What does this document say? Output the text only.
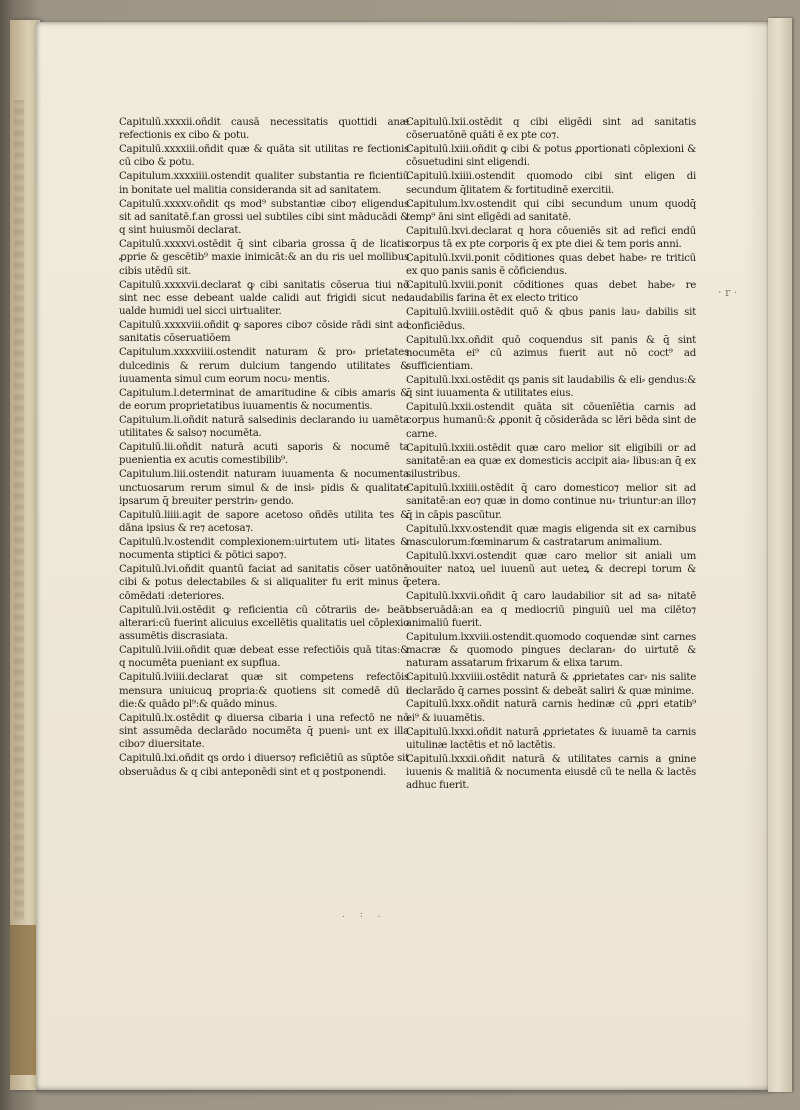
Capitulū.xxxxii.oñdit causā necessitatis quottidi anæ refectionis ex cibo & potu.
Capitulū.xxxxiii.oñdit quæ & quāta sit utilitas re fectionis cū cibo & potu.
Capitulum.xxxxiiii.ostendit qualiter substantia re ficientiū in bonitate uel malitia consideranda sit ad sanitatem.
Capitulū.xxxxv.oñdit qs mod⁹ substantiæ cibo⁊ eligendus sit ad sanitatē.f.an grossi uel subtiles cibi sint māducādi & q sint huiusmōi declarat.
Capitulū.xxxxvi.ostēdit q̄ sint cibaria grossa q̄ de licatis ꝓprie & gescētib⁹ maxie inimicāt:& an du ris uel mollibus cibis utēdū sit.
Capitulū.xxxxvii.declarat ꝙ cibi sanitatis cōserua tiui nō sint nec esse debeant ualde calidi aut frigidi sicut nec ualde humidi uel sicci uirtualiter.
Capitulū.xxxxviii.oñdit ꝙ sapores cibo⁊ cōside rādi sint ad sanitatis cōseruatiōem
Capitulum.xxxxviiii.ostendit naturam & pro⸗ prietates dulcedinis & rerum dulcium tangendo utilitates & iuuamenta simul cum eorum nocu⸗ mentis.
Capitulum.l.determinat de amaritudine & cibis amaris & de eorum proprietatibus iuuamentis & nocumentis.
Capitulum.li.oñdit naturā salsedinis declarando iu uamēta utilitates & salso⁊ nocumēta.
Capitulū.lii.oñdit naturā acuti saporis & nocumē ta puenientia ex acutis comestibilib⁹.
Capitulum.liii.ostendit naturam iuuamenta & nocumenta unctuosarum rerum simul & de insi⸗ pidis & qualitate ipsarum q̄ breuiter perstrin⸗ gendo.
Capitulū.liiii.agit de sapore acetoso oñdēs utilita tes & dāna ipsius & re⁊ acetosa⁊.
Capitulū.lv.ostendit complexionem:uirtutem uti⸗ litates & nocumenta stiptici & pōtici sapo⁊.
Capitulū.lvi.oñdit quantū faciat ad sanitatis cōser uatōnē cibi & potus delectabiles & si aliqualiter fu erit minus q̄ cōmēdati :deteriores.
Capitulū.lvii.ostēdit ꝙ reficientia cū cōtrariis de⸗ beāt alterari:cū fuerint alicuius excellētis qualitatis uel cōplexio assumētis discrasiata.
Capitulū.lviii.oñdit quæ debeat esse refectiōis quā titas:& q nocumēta pueniant ex supflua.
Capitulū.lviiii.declarat quæ sit competens refectōis mensura uniuicuꝗ propria:& quotiens sit comedē dū i die:& quādo pl⁹:& quādo minus.
Capitulū.lx.ostēdit ꝙ diuersa cibaria i una refectō ne nō sint assumēda declarādo nocumēta q̄ pueni⸗ unt ex illa cibo⁊ diuersitate.
Capitulū.lxi.oñdit qs ordo i diuerso⁊ reficiētiū as sūptōe sit obseruādus & q cibi anteponēdi sint et q postponendi.
Capitulū.lxii.ostēdit q cibi eligēdi sint ad sanitatis cōseruatōnē quāti ē ex pte co⁊.
Capitulū.lxiii.oñdit ꝙ cibi & potus ꝓportionati cōplexioni & cōsuetudini sint eligendi.
Capitulū.lxiiii.ostendit quomodo cibi sint eligen di secundum q̄litatem & fortitudinē exercitii.
Capitulum.lxv.ostendit qui cibi secundum unum quodq̄ temp⁹ āni sint elīgēdi ad sanitatē.
Capitulū.lxvi.declarat q hora cōueniēs sit ad refici endū corpus tā ex pte corporis q̄ ex pte diei & tem poris anni.
Capitulū.lxvii.ponit cōditiones quas debet habe⸗ re triticū ex quo panis sanis ē cōficiendus.
Capitulū.lxviii.ponit cōditiones quas debet habe⸗ re laudabilis farina ēt ex electo tritico
Capitulū.lxviiii.ostēdit quō & qbus panis lau⸗ dabilis sit conficiēdus.
Capitulū.lxx.oñdit quō coquendus sit panis & q̄ sint nocumēta ei⁹ cū azimus fuerit aut nō coct⁹ ad sufficientiam.
Capitulū.lxxi.ostēdit qs panis sit laudabilis & eli⸗ gendus:& q̄ sint iuuamenta & utilitates eius.
Capitulū.lxxii.ostendit quāta sit cōuenīētia carnis ad corpus humanū:& ꝓponit q̄ cōsiderāda sc lēri bēda sint de carne.
Capitulū.lxxiii.ostēdit quæ caro melior sit eligibili or ad sanitatē:an ea quæ ex domesticis accipit aia⸗ libus:an q̄ ex silustribus.
Capitulū.lxxiiii.ostēdit q̄ caro domestico⁊ melior sit ad sanitatē:an eo⁊ quæ in domo continue nu⸗ triuntur:an illo⁊ q̄ in cāpis pascūtur.
Capitulū.lxxv.ostendit quæ magis eligenda sit ex carnibus masculorum:fœminarum & castratarum animalium.
Capitulū.lxxvi.ostendit quæ caro melior sit aniali um nouiter natoꝝ uel iuuenū aut ueteꝝ & decrepi torum & cetera.
Capitulū.lxxvii.oñdit q̄ caro laudabilior sit ad sa⸗ nitatē obseruādā:an ea q mediocriū pinguiū uel ma cilēto⁊ animaliū fuerit.
Capitulum.lxxviii.ostendit.quomodo coquendæ sint carnes macræ & quomodo pingues declaran⸗ do uirtutē & naturam assatarum frixarum & elixa tarum.
Capitulū.lxxviiii.ostēdit naturā & ꝓprietates car⸗ nis salite declarādo q̄ carnes possint & debeāt saliri & quæ minime.
Capitulū.lxxx.oñdit naturā carnis hedinæ cū ꝓpri etatib⁹ ei⁹ & iuuamētis.
Capitulū.lxxxi.oñdit naturā ꝓprietates & iuuamē ta carnis uitulinæ lactētis et nō lactētis.
Capitulū.lxxxii.oñdit naturā & utilitates carnis a gnine iuuenis & malitiā & nocumenta eiusdē cū te nella & lactēs adhuc fuerit.
· r ·
. : .
